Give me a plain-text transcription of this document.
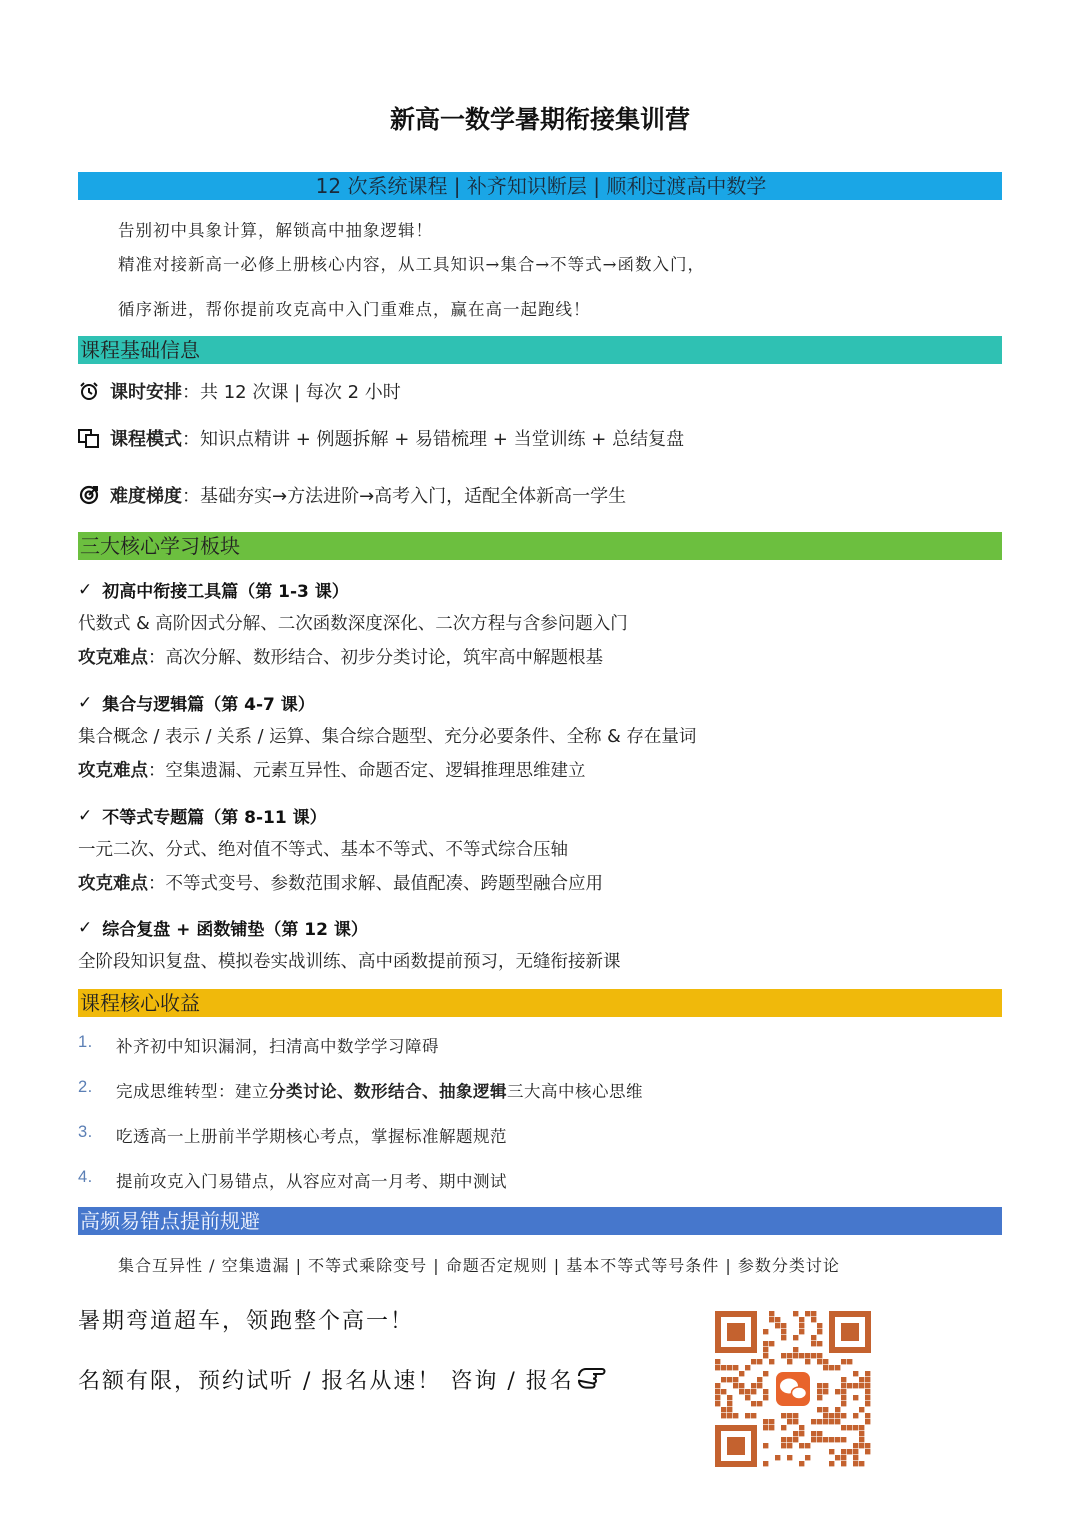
新高一数学暑期衔接集训营
12 次系统课程 | 补齐知识断层 | 顺利过渡高中数学
告别初中具象计算，解锁高中抽象逻辑！
精准对接新高一必修上册核心内容，从工具知识→集合→不等式→函数入门，
循序渐进，帮你提前攻克高中入门重难点，赢在高一起跑线！
课程基础信息
课时安排 ：共 12 次课 | 每次 2 小时
课程模式 ：知识点精讲 + 例题拆解 + 易错梳理 + 当堂训练 + 总结复盘
难度梯度 ：基础夯实→方法进阶→高考入门，适配全体新高一学生
三大核心学习板块
✓ 初高中衔接工具篇（第 1-3 课）
代数式 & 高阶因式分解、二次函数深度深化、二次方程与含参问题入门
攻克难点：高次分解、数形结合、初步分类讨论，筑牢高中解题根基
✓ 集合与逻辑篇（第 4-7 课）
集合概念 / 表示 / 关系 / 运算、集合综合题型、充分必要条件、全称 & 存在量词
攻克难点：空集遗漏、元素互异性、命题否定、逻辑推理思维建立
✓ 不等式专题篇（第 8-11 课）
一元二次、分式、绝对值不等式、基本不等式、不等式综合压轴
攻克难点：不等式变号、参数范围求解、最值配凑、跨题型融合应用
✓ 综合复盘 + 函数铺垫（第 12 课）
全阶段知识复盘、模拟卷实战训练、高中函数提前预习，无缝衔接新课
课程核心收益
1.	补齐初中知识漏洞，扫清高中数学学习障碍
2.	完成思维转型：建立 分类讨论、数形结合、抽象逻辑 三大高中核心思维
3.	吃透高一上册前半学期核心考点，掌握标准解题规范
4.	提前攻克入门易错点，从容应对高一月考、期中测试
高频易错点提前规避
集合互异性 / 空集遗漏 | 不等式乘除变号 | 命题否定规则 | 基本不等式等号条件 | 参数分类讨论
暑期弯道超车，领跑整个高一！
名额有限，预约试听 / 报名从速！ 咨询 / 报名
